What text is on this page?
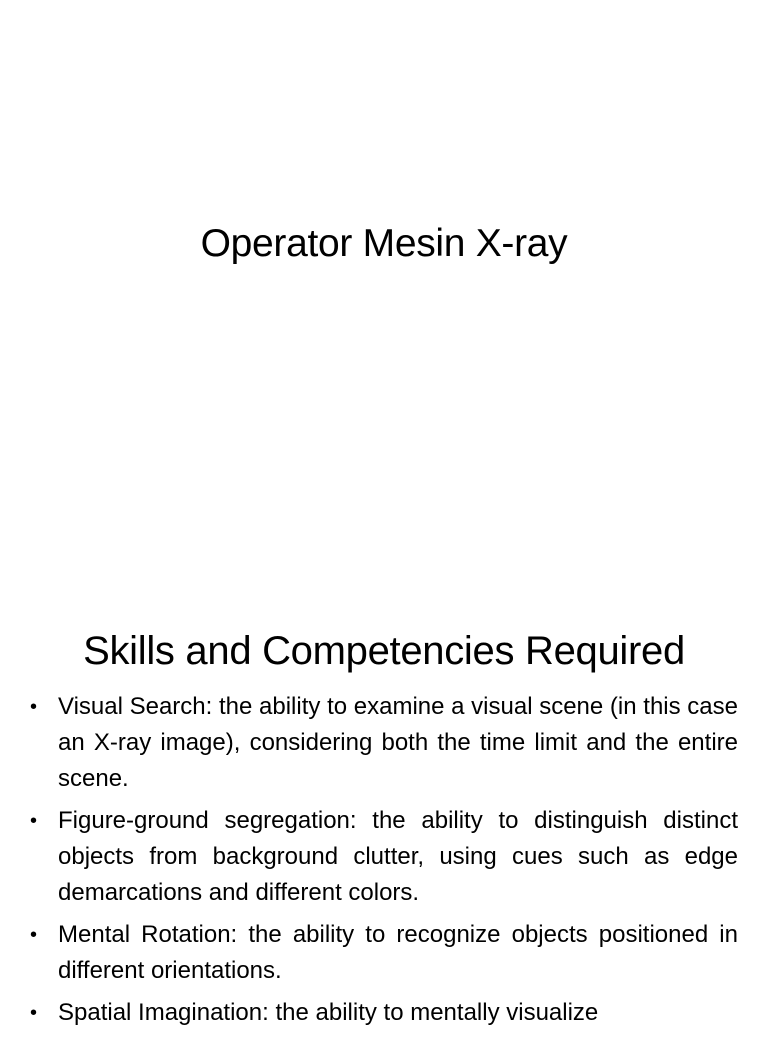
Operator Mesin X-ray
Skills and Competencies Required
• Visual Search: the ability to examine a visual scene (in this case an X-ray image), considering both the time limit and the entire scene.
• Figure-ground segregation: the ability to distinguish distinct objects from background clutter, using cues such as edge demarcations and different colors.
• Mental Rotation: the ability to recognize objects positioned in different orientations.
• Spatial Imagination: the ability to mentally visualize
